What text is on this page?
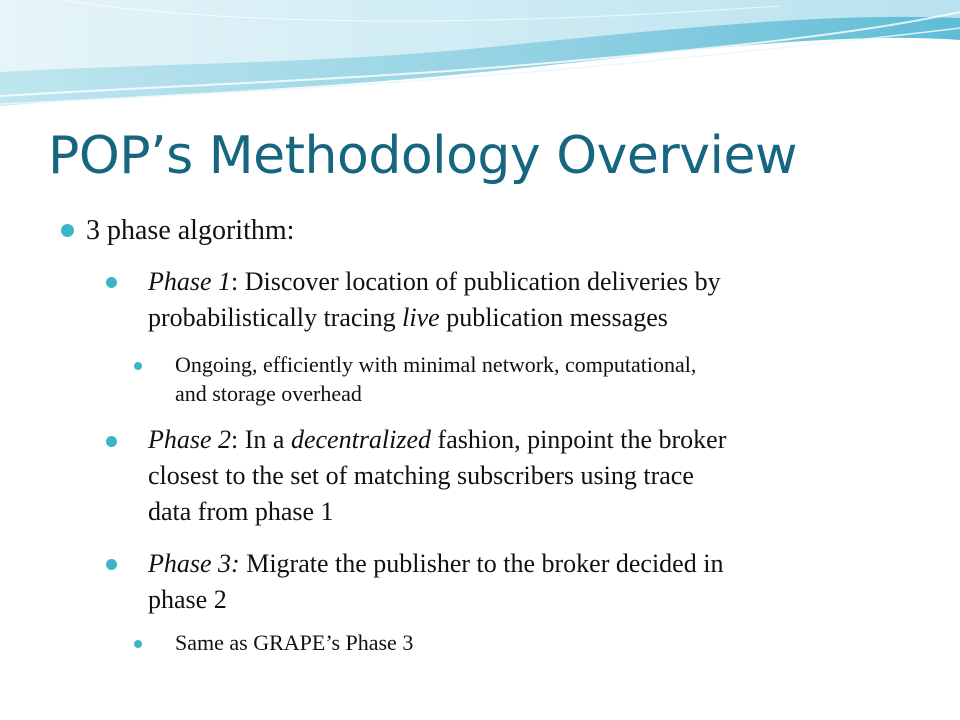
POP’s Methodology Overview
3 phase algorithm:
Phase 1: Discover location of publication deliveries by
probabilistically tracing live publication messages
Ongoing, efficiently with minimal network, computational,
and storage overhead
Phase 2: In a decentralized fashion, pinpoint the broker
closest to the set of matching subscribers using trace
data from phase 1
Phase 3: Migrate the publisher to the broker decided in
phase 2
Same as GRAPE’s Phase 3
